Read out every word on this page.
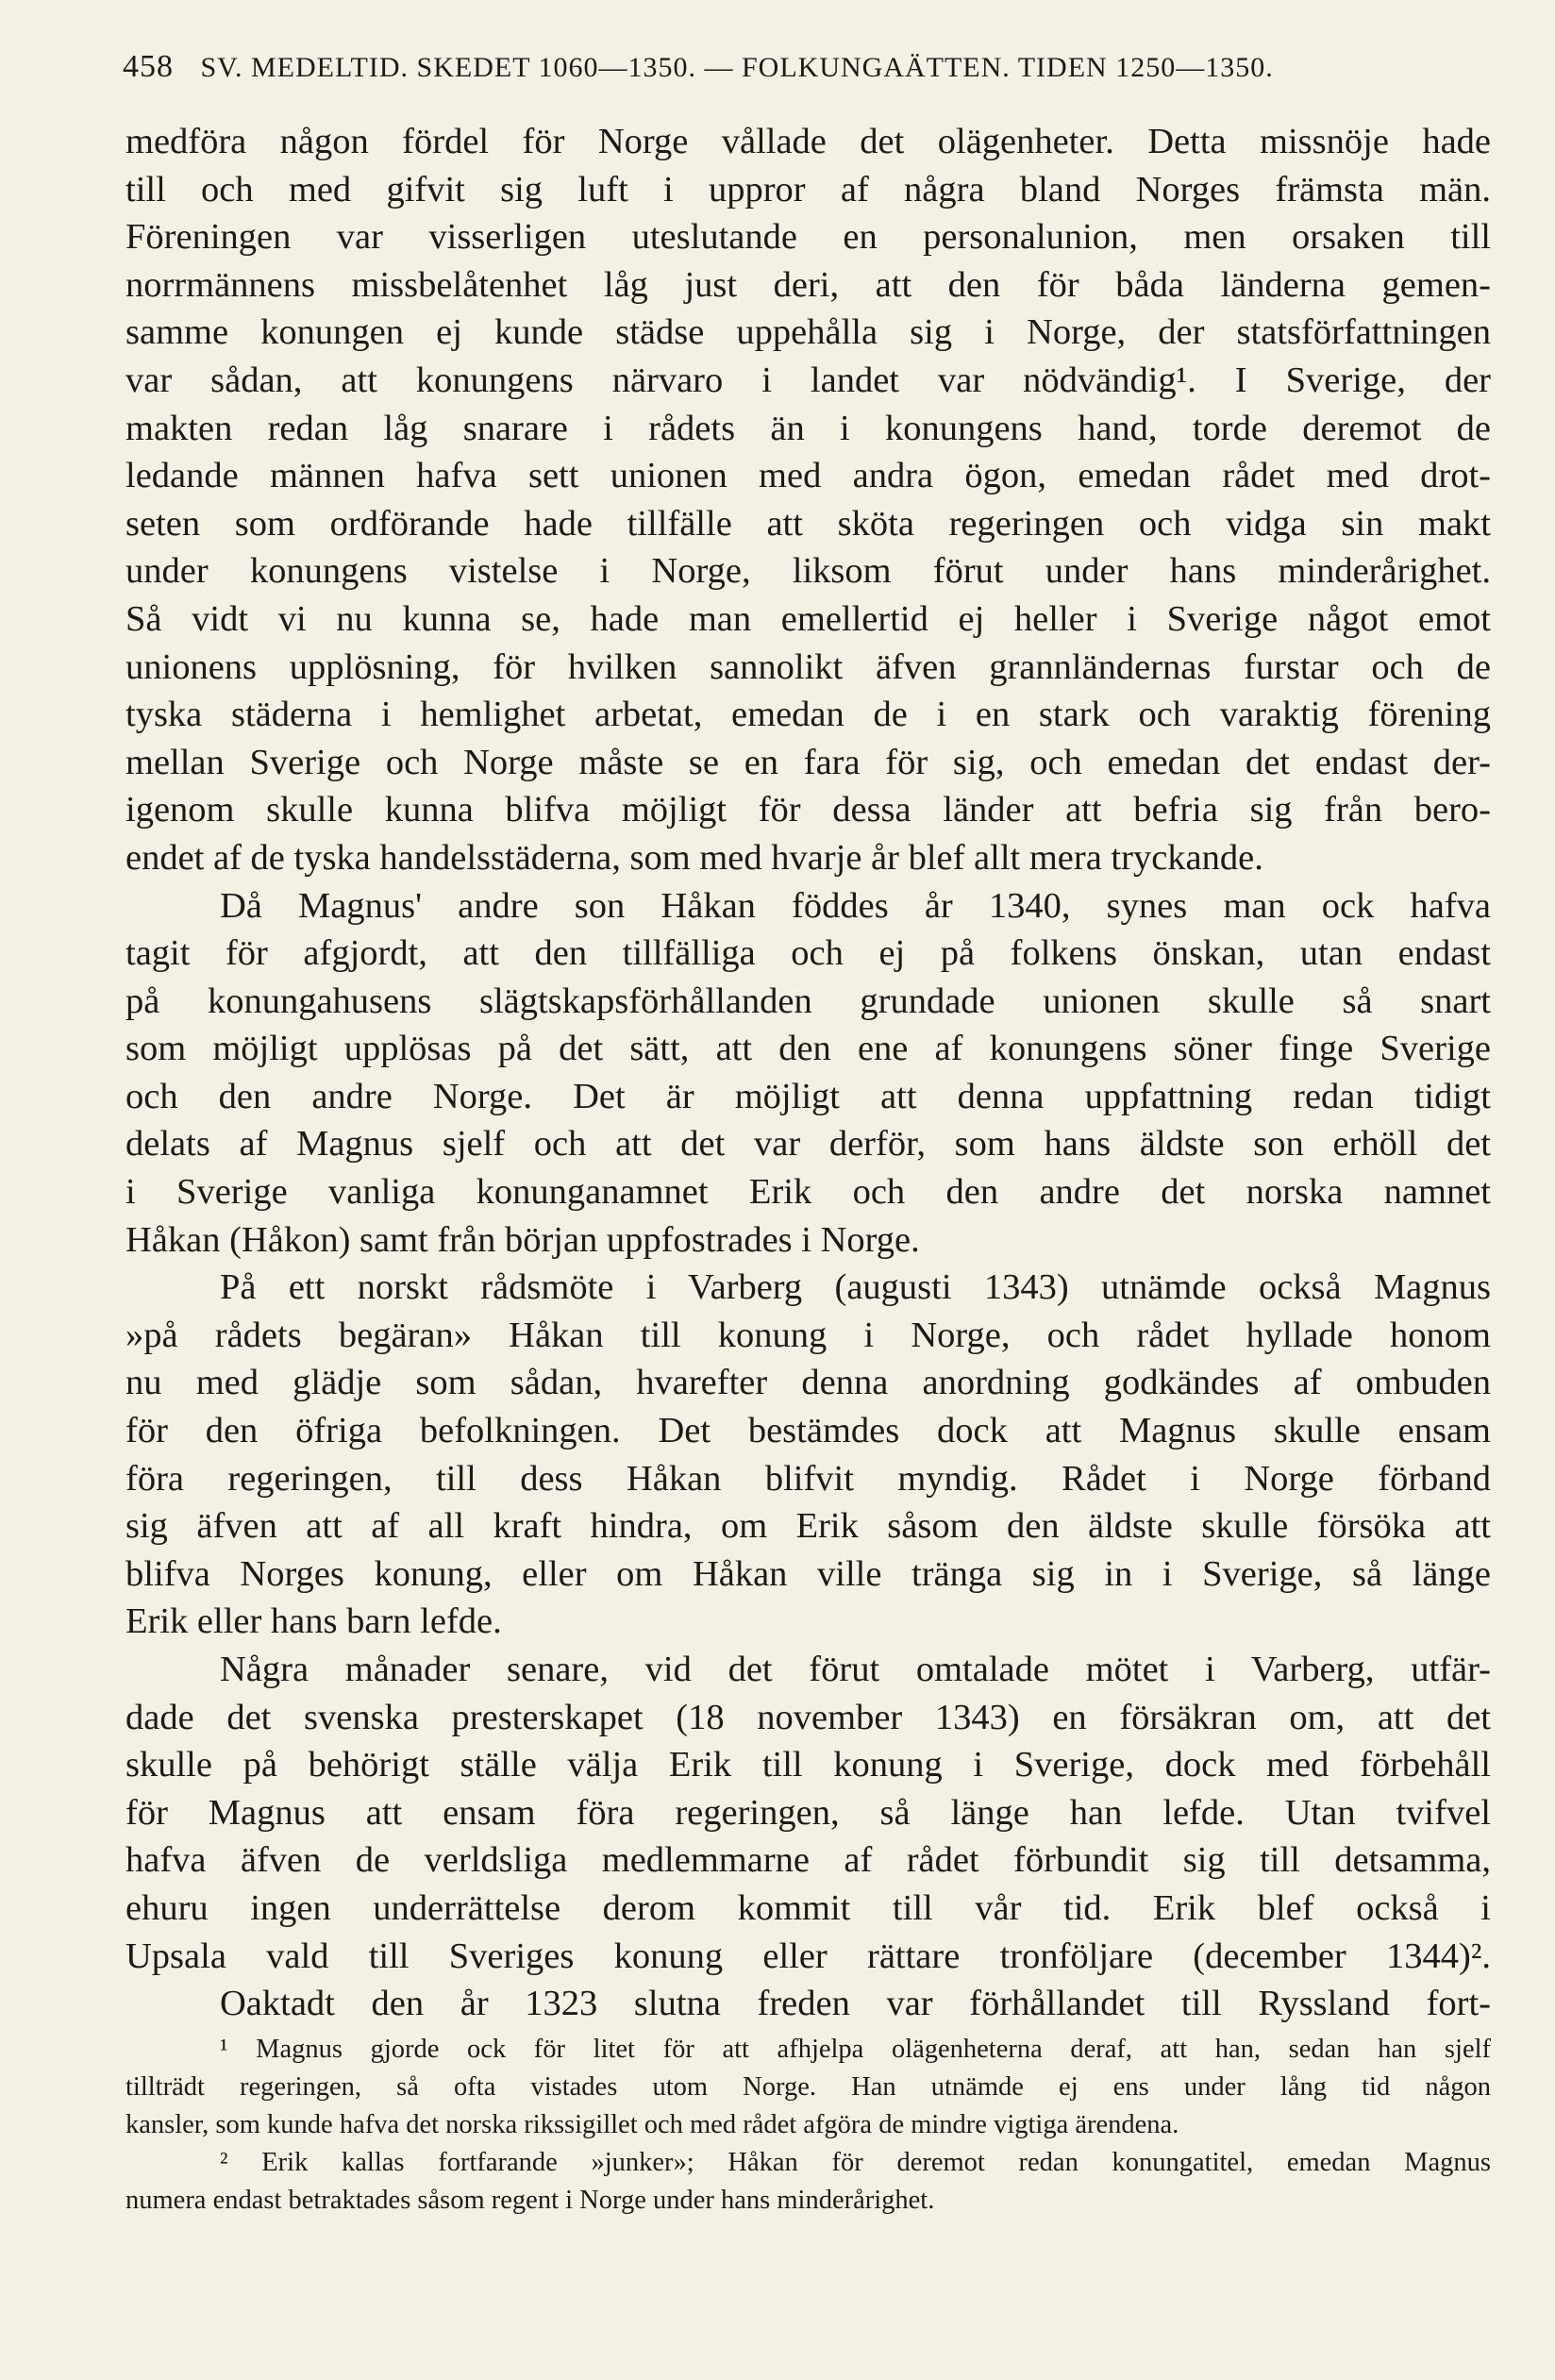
458 SV. MEDELTID. SKEDET 1060—1350. — FOLKUNGAÄTTEN. TIDEN 1250—1350.
medföra någon fördel för Norge vållade det olägenheter. Detta missnöje hade
till och med gifvit sig luft i uppror af några bland Norges främsta män.
Föreningen var visserligen uteslutande en personalunion, men orsaken till
norrmännens missbelåtenhet låg just deri, att den för båda länderna gemen-
samme konungen ej kunde städse uppehålla sig i Norge, der statsförfattningen
var sådan, att konungens närvaro i landet var nödvändig¹. I Sverige, der
makten redan låg snarare i rådets än i konungens hand, torde deremot de
ledande männen hafva sett unionen med andra ögon, emedan rådet med drot-
seten som ordförande hade tillfälle att sköta regeringen och vidga sin makt
under konungens vistelse i Norge, liksom förut under hans minderårighet.
Så vidt vi nu kunna se, hade man emellertid ej heller i Sverige något emot
unionens upplösning, för hvilken sannolikt äfven grannländernas furstar och de
tyska städerna i hemlighet arbetat, emedan de i en stark och varaktig förening
mellan Sverige och Norge måste se en fara för sig, och emedan det endast der-
igenom skulle kunna blifva möjligt för dessa länder att befria sig från bero-
endet af de tyska handelsstäderna, som med hvarje år blef allt mera tryckande.
Då Magnus' andre son Håkan föddes år 1340, synes man ock hafva
tagit för afgjordt, att den tillfälliga och ej på folkens önskan, utan endast
på konungahusens slägtskapsförhållanden grundade unionen skulle så snart
som möjligt upplösas på det sätt, att den ene af konungens söner finge Sverige
och den andre Norge. Det är möjligt att denna uppfattning redan tidigt
delats af Magnus sjelf och att det var derför, som hans äldste son erhöll det
i Sverige vanliga konunganamnet Erik och den andre det norska namnet
Håkan (Håkon) samt från början uppfostrades i Norge.
På ett norskt rådsmöte i Varberg (augusti 1343) utnämde också Magnus
»på rådets begäran» Håkan till konung i Norge, och rådet hyllade honom
nu med glädje som sådan, hvarefter denna anordning godkändes af ombuden
för den öfriga befolkningen. Det bestämdes dock att Magnus skulle ensam
föra regeringen, till dess Håkan blifvit myndig. Rådet i Norge förband
sig äfven att af all kraft hindra, om Erik såsom den äldste skulle försöka att
blifva Norges konung, eller om Håkan ville tränga sig in i Sverige, så länge
Erik eller hans barn lefde.
Några månader senare, vid det förut omtalade mötet i Varberg, utfär-
dade det svenska presterskapet (18 november 1343) en försäkran om, att det
skulle på behörigt ställe välja Erik till konung i Sverige, dock med förbehåll
för Magnus att ensam föra regeringen, så länge han lefde. Utan tvifvel
hafva äfven de verldsliga medlemmarne af rådet förbundit sig till detsamma,
ehuru ingen underrättelse derom kommit till vår tid. Erik blef också i
Upsala vald till Sveriges konung eller rättare tronföljare (december 1344)².
Oaktadt den år 1323 slutna freden var förhållandet till Ryssland fort-
¹ Magnus gjorde ock för litet för att afhjelpa olägenheterna deraf, att han, sedan han sjelf
tillträdt regeringen, så ofta vistades utom Norge. Han utnämde ej ens under lång tid någon
kansler, som kunde hafva det norska rikssigillet och med rådet afgöra de mindre vigtiga ärendena.
² Erik kallas fortfarande »junker»; Håkan för deremot redan konungatitel, emedan Magnus
numera endast betraktades såsom regent i Norge under hans minderårighet.
